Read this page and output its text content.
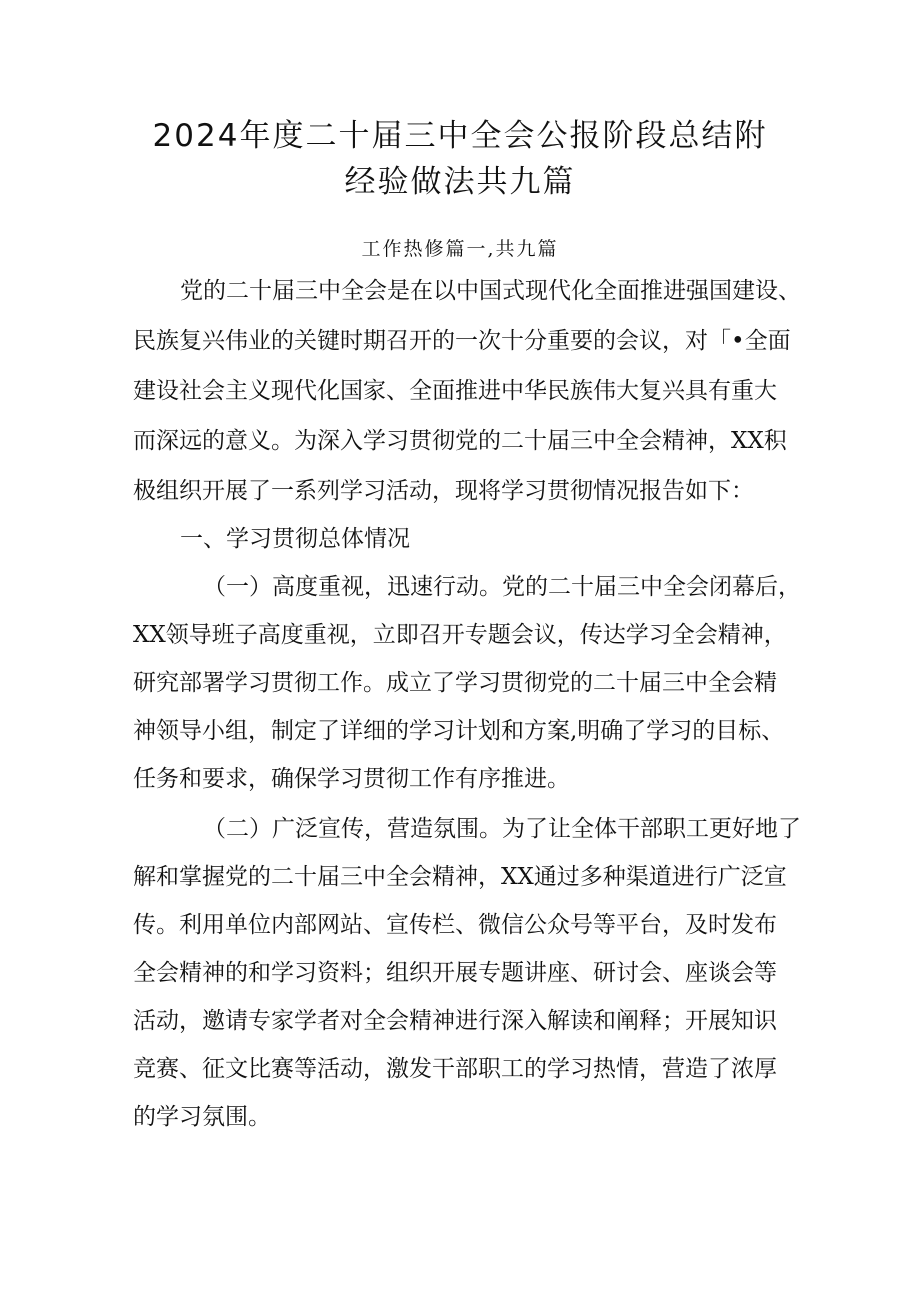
2024年度二十届三中全会公报阶段总结附
经验做法共九篇
工作热修篇一,共九篇
党的二十届三中全会是在以中国式现代化全面推进强国建设、
民族复兴伟业的关键时期召开的一次十分重要的会议，对「•全面
建设社会主义现代化国家、全面推进中华民族伟大复兴具有重大
而深远的意义。为深入学习贯彻党的二十届三中全会精神，XX积
极组织开展了一系列学习活动，现将学习贯彻情况报告如下：
一、学习贯彻总体情况
（一）高度重视，迅速行动。党的二十届三中全会闭幕后，
XX领导班子高度重视，立即召开专题会议，传达学习全会精神，
研究部署学习贯彻工作。成立了学习贯彻党的二十届三中全会精
神领导小组，制定了详细的学习计划和方案,明确了学习的目标、
任务和要求，确保学习贯彻工作有序推进。
（二）广泛宣传，营造氛围。为了让全体干部职工更好地了
解和掌握党的二十届三中全会精神，XX通过多种渠道进行广泛宣
传。利用单位内部网站、宣传栏、微信公众号等平台，及时发布
全会精神的和学习资料；组织开展专题讲座、研讨会、座谈会等
活动，邀请专家学者对全会精神进行深入解读和阐释；开展知识
竞赛、征文比赛等活动，激发干部职工的学习热情，营造了浓厚
的学习氛围。
